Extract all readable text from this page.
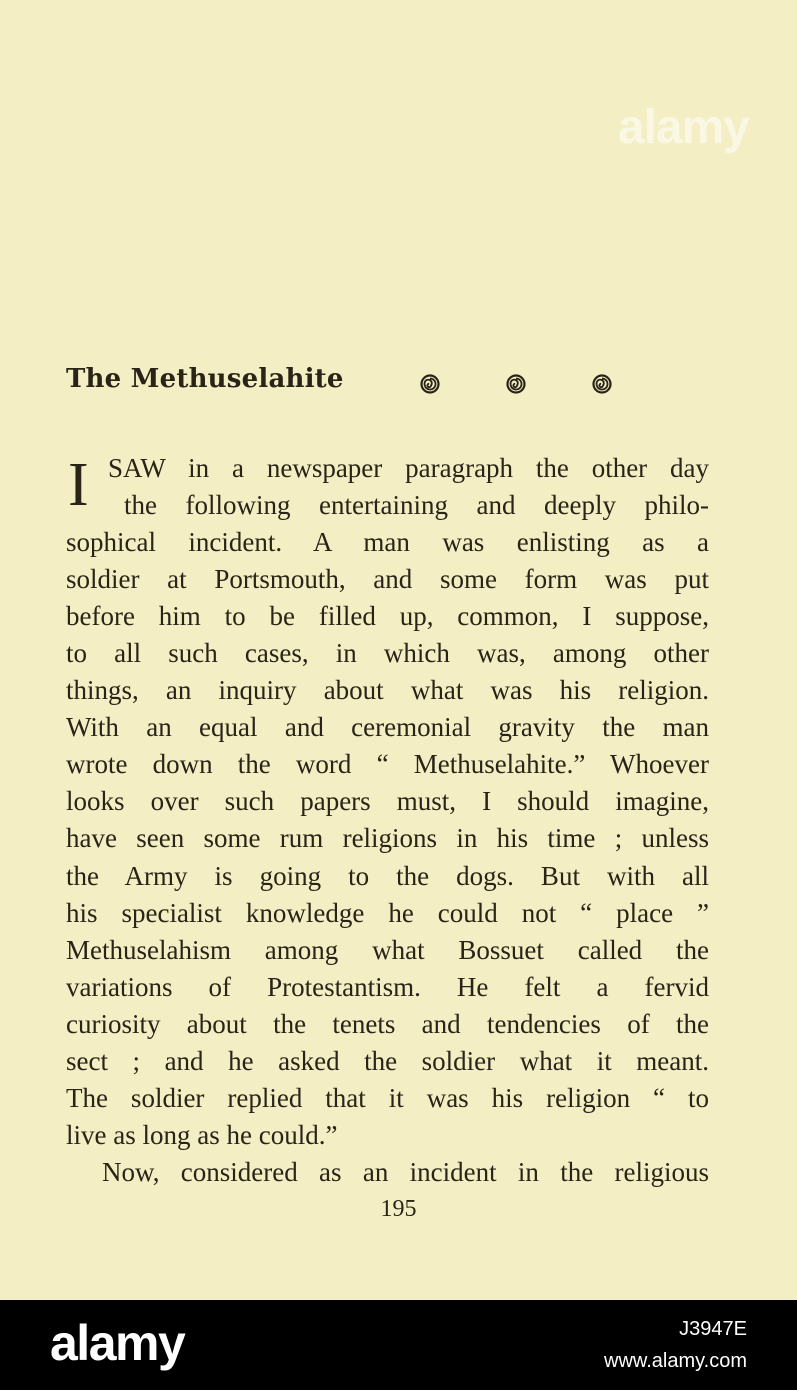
alamy
The Methuselahite
I SAW in a newspaper paragraph the other day
the following entertaining and deeply philo-
sophical incident. A man was enlisting as a
soldier at Portsmouth, and some form was put
before him to be filled up, common, I suppose,
to all such cases, in which was, among other
things, an inquiry about what was his religion.
With an equal and ceremonial gravity the man
wrote down the word “ Methuselahite.” Whoever
looks over such papers must, I should imagine,
have seen some rum religions in his time ; unless
the Army is going to the dogs. But with all
his specialist knowledge he could not “ place ”
Methuselahism among what Bossuet called the
variations of Protestantism. He felt a fervid
curiosity about the tenets and tendencies of the
sect ; and he asked the soldier what it meant.
The soldier replied that it was his religion “ to
live as long as he could.”
Now, considered as an incident in the religious
195
alamy	J3947E
www.alamy.com
